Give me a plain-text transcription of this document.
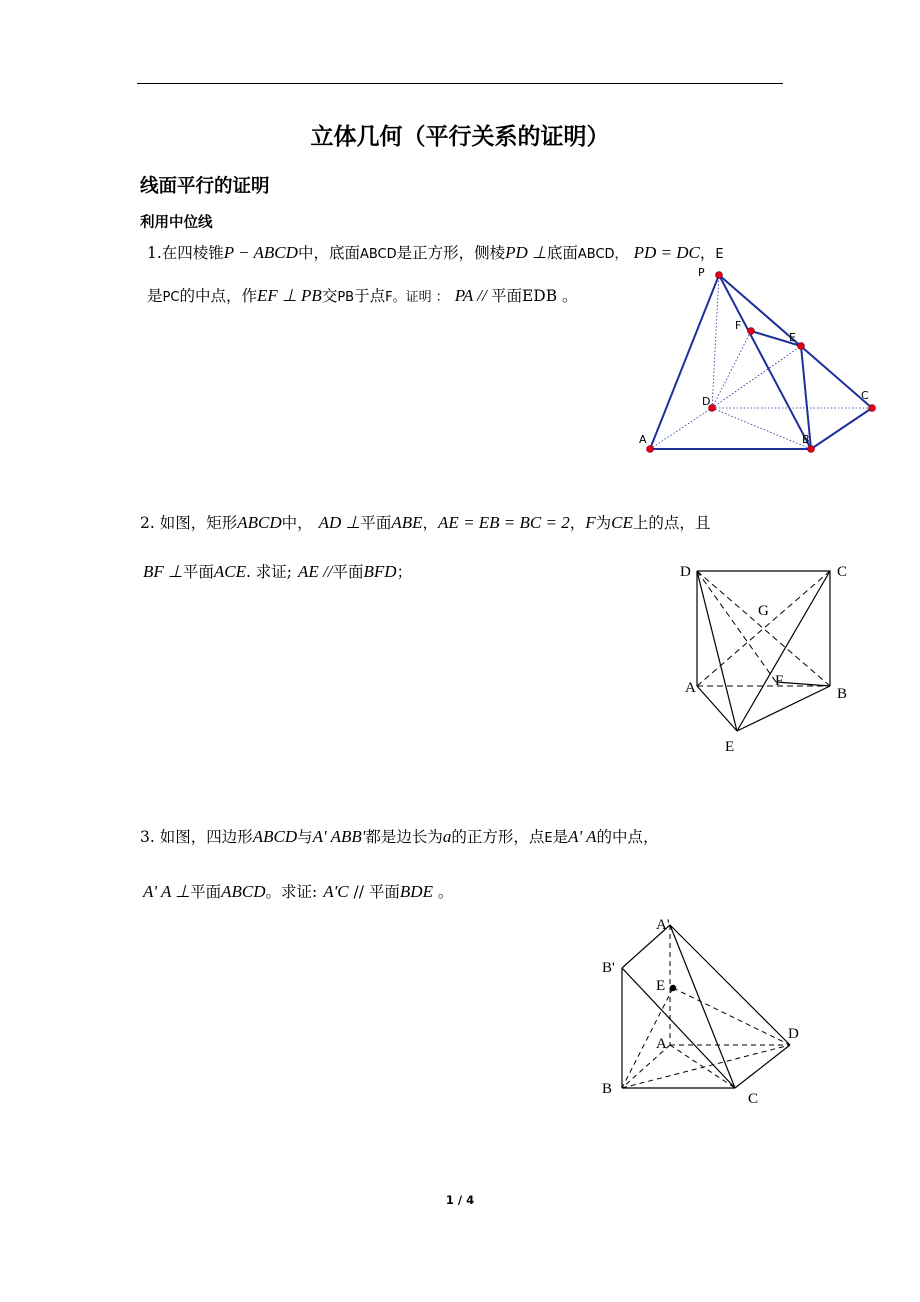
立体几何（平行关系的证明）
线面平行的证明
利用中位线
1.在四棱锥P − ABCD中，底面ABCD是正方形，侧棱PD ⊥底面ABCD， PD = DC，E
是PC的中点，作EF ⊥ PB交PB于点F。证明 ： PA // 平面EDB 。
P
F
E
D	C
A	B
2. 如图，矩形ABCD中， AD ⊥平面ABE，AE = EB = BC = 2，F为CE上的点，且
BF ⊥平面ACE. 求证; AE //平面BFD；	D	C
G
A	F
B
E
3. 如图，四边形ABCD与A' ABB'都是边长为a的正方形，点E是A' A的中点，
A' A ⊥平面ABCD。求证: A'C // 平面BDE 。
A'
B'
E
D
A
B
C
1 / 4
